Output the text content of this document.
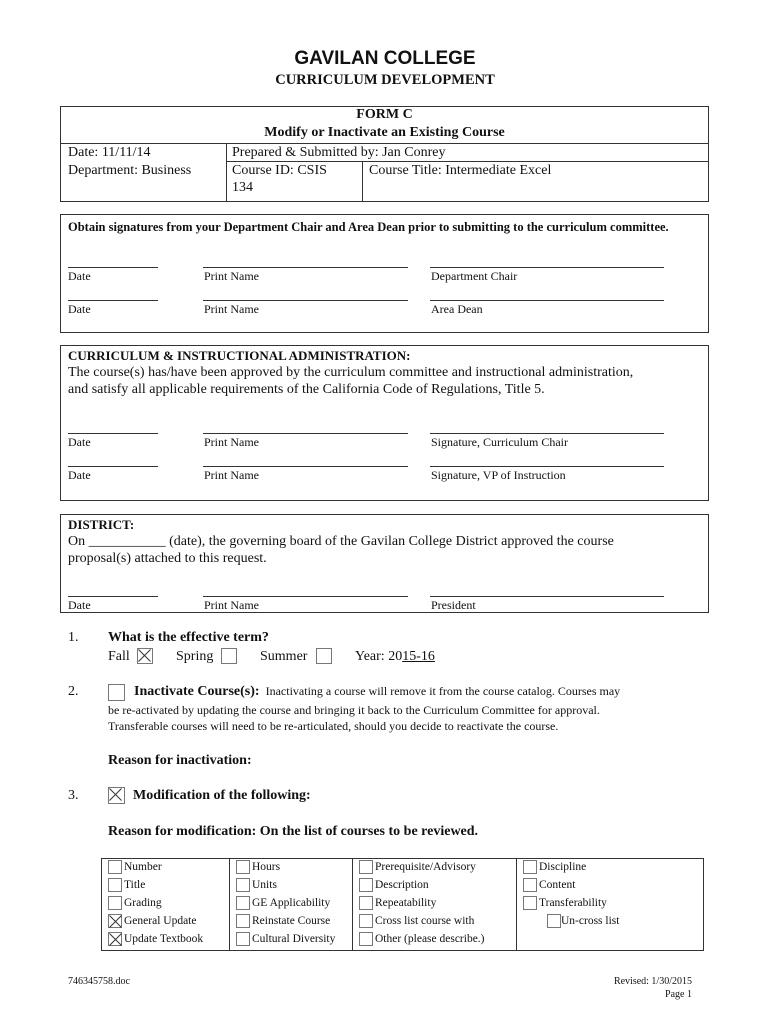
GAVILAN COLLEGE
CURRICULUM DEVELOPMENT
FORM C
Modify or Inactivate an Existing Course
Date: 11/11/14
Department: Business
Prepared & Submitted by: Jan Conrey
Course ID: CSIS
134
Course Title: Intermediate Excel
Obtain signatures from your Department Chair and Area Dean prior to submitting to the curriculum committee.
Date	Print Name	Department Chair
Date	Print Name	Area Dean
CURRICULUM & INSTRUCTIONAL ADMINISTRATION:
The course(s) has/have been approved by the curriculum committee and instructional administration,
and satisfy all applicable requirements of the California Code of Regulations, Title 5.
Date	Print Name	Signature, Curriculum Chair
Date	Print Name	Signature, VP of Instruction
DISTRICT:
On ___________ (date), the governing board of the Gavilan College District approved the course
proposal(s) attached to this request.
Date	Print Name	President
1. What is the effective term?
Fall	Spring	Summer	Year: 2015-16
2.	Inactivate Course(s): Inactivating a course will remove it from the course catalog. Courses may
be re-activated by updating the course and bringing it back to the Curriculum Committee for approval.
Transferable courses will need to be re-articulated, should you decide to reactivate the course.
Reason for inactivation:
3.	Modification of the following:
Reason for modification: On the list of courses to be reviewed.
Number
Title
Grading
General Update
Update Textbook

Hours
Units
GE Applicability
Reinstate Course
Cultural Diversity

Prerequisite/Advisory
Description
Repeatability
Cross list course with
Other (please describe.)

Discipline
Content
Transferability
Un-cross list
746345758.doc	Revised: 1/30/2015
Page 1
